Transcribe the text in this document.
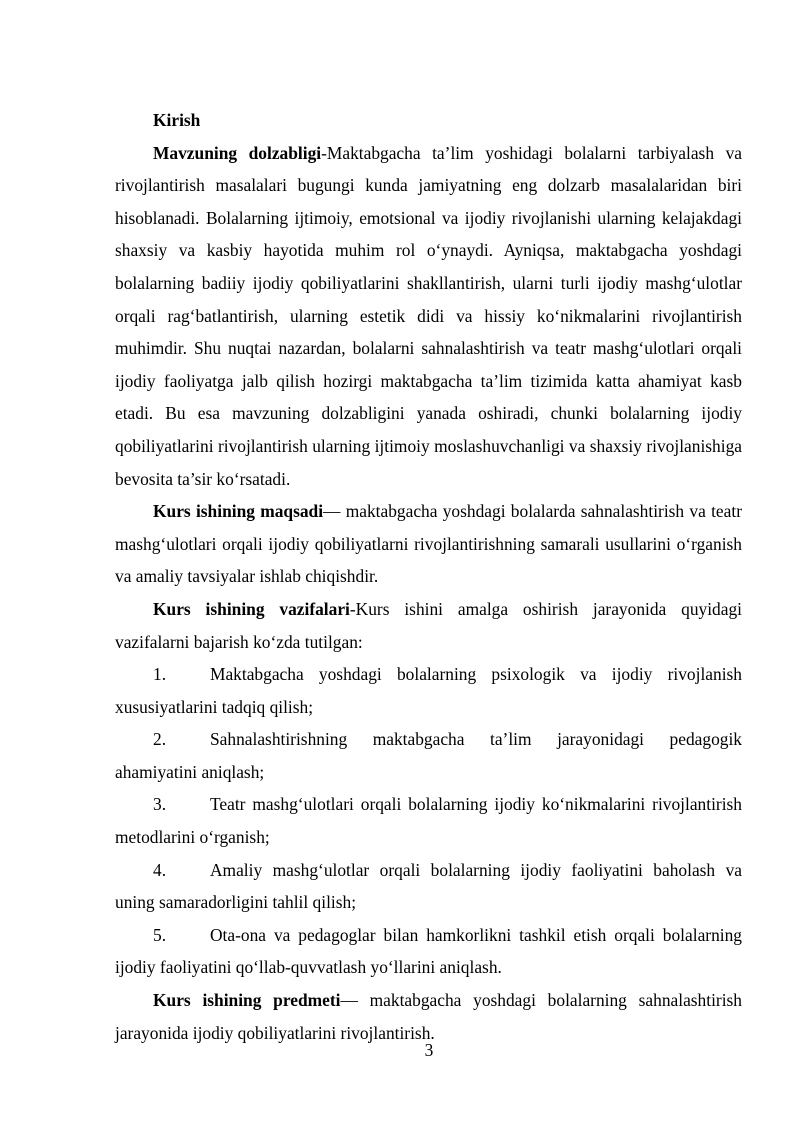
Kirish

Mavzuning dolzabligi-Maktabgacha ta’lim yoshidagi bolalarni tarbiyalash va rivojlantirish masalalari bugungi kunda jamiyatning eng dolzarb masalalaridan biri hisoblanadi. Bolalarning ijtimoiy, emotsional va ijodiy rivojlanishi ularning kelajakdagi shaxsiy va kasbiy hayotida muhim rol o‘ynaydi. Ayniqsa, maktabgacha yoshdagi bolalarning badiiy ijodiy qobiliyatlarini shakllantirish, ularni turli ijodiy mashg‘ulotlar orqali rag‘batlantirish, ularning estetik didi va hissiy ko‘nikmalarini rivojlantirish muhimdir. Shu nuqtai nazardan, bolalarni sahnalashtirish va teatr mashg‘ulotlari orqali ijodiy faoliyatga jalb qilish hozirgi maktabgacha ta’lim tizimida katta ahamiyat kasb etadi. Bu esa mavzuning dolzabligini yanada oshiradi, chunki bolalarning ijodiy qobiliyatlarini rivojlantirish ularning ijtimoiy moslashuvchanligi va shaxsiy rivojlanishiga bevosita ta’sir ko‘rsatadi.

Kurs ishining maqsadi— maktabgacha yoshdagi bolalarda sahnalashtirish va teatr mashg‘ulotlari orqali ijodiy qobiliyatlarni rivojlantirishning samarali usullarini o‘rganish va amaliy tavsiyalar ishlab chiqishdir.

Kurs ishining vazifalari-Kurs ishini amalga oshirish jarayonida quyidagi vazifalarni bajarish ko‘zda tutilgan:

1.	Maktabgacha yoshdagi bolalarning psixologik va ijodiy rivojlanish xususiyatlarini tadqiq qilish;

2.	Sahnalashtirishning maktabgacha ta’lim jarayonidagi pedagogik ahamiyatini aniqlash;

3.	Teatr mashg‘ulotlari orqali bolalarning ijodiy ko‘nikmalarini rivojlantirish metodlarini o‘rganish;

4.	Amaliy mashg‘ulotlar orqali bolalarning ijodiy faoliyatini baholash va uning samaradorligini tahlil qilish;

5.	Ota-ona va pedagoglar bilan hamkorlikni tashkil etish orqali bolalarning ijodiy faoliyatini qo‘llab-quvvatlash yo‘llarini aniqlash.

Kurs ishining predmeti— maktabgacha yoshdagi bolalarning sahnalashtirish jarayonida ijodiy qobiliyatlarini rivojlantirish.

3
